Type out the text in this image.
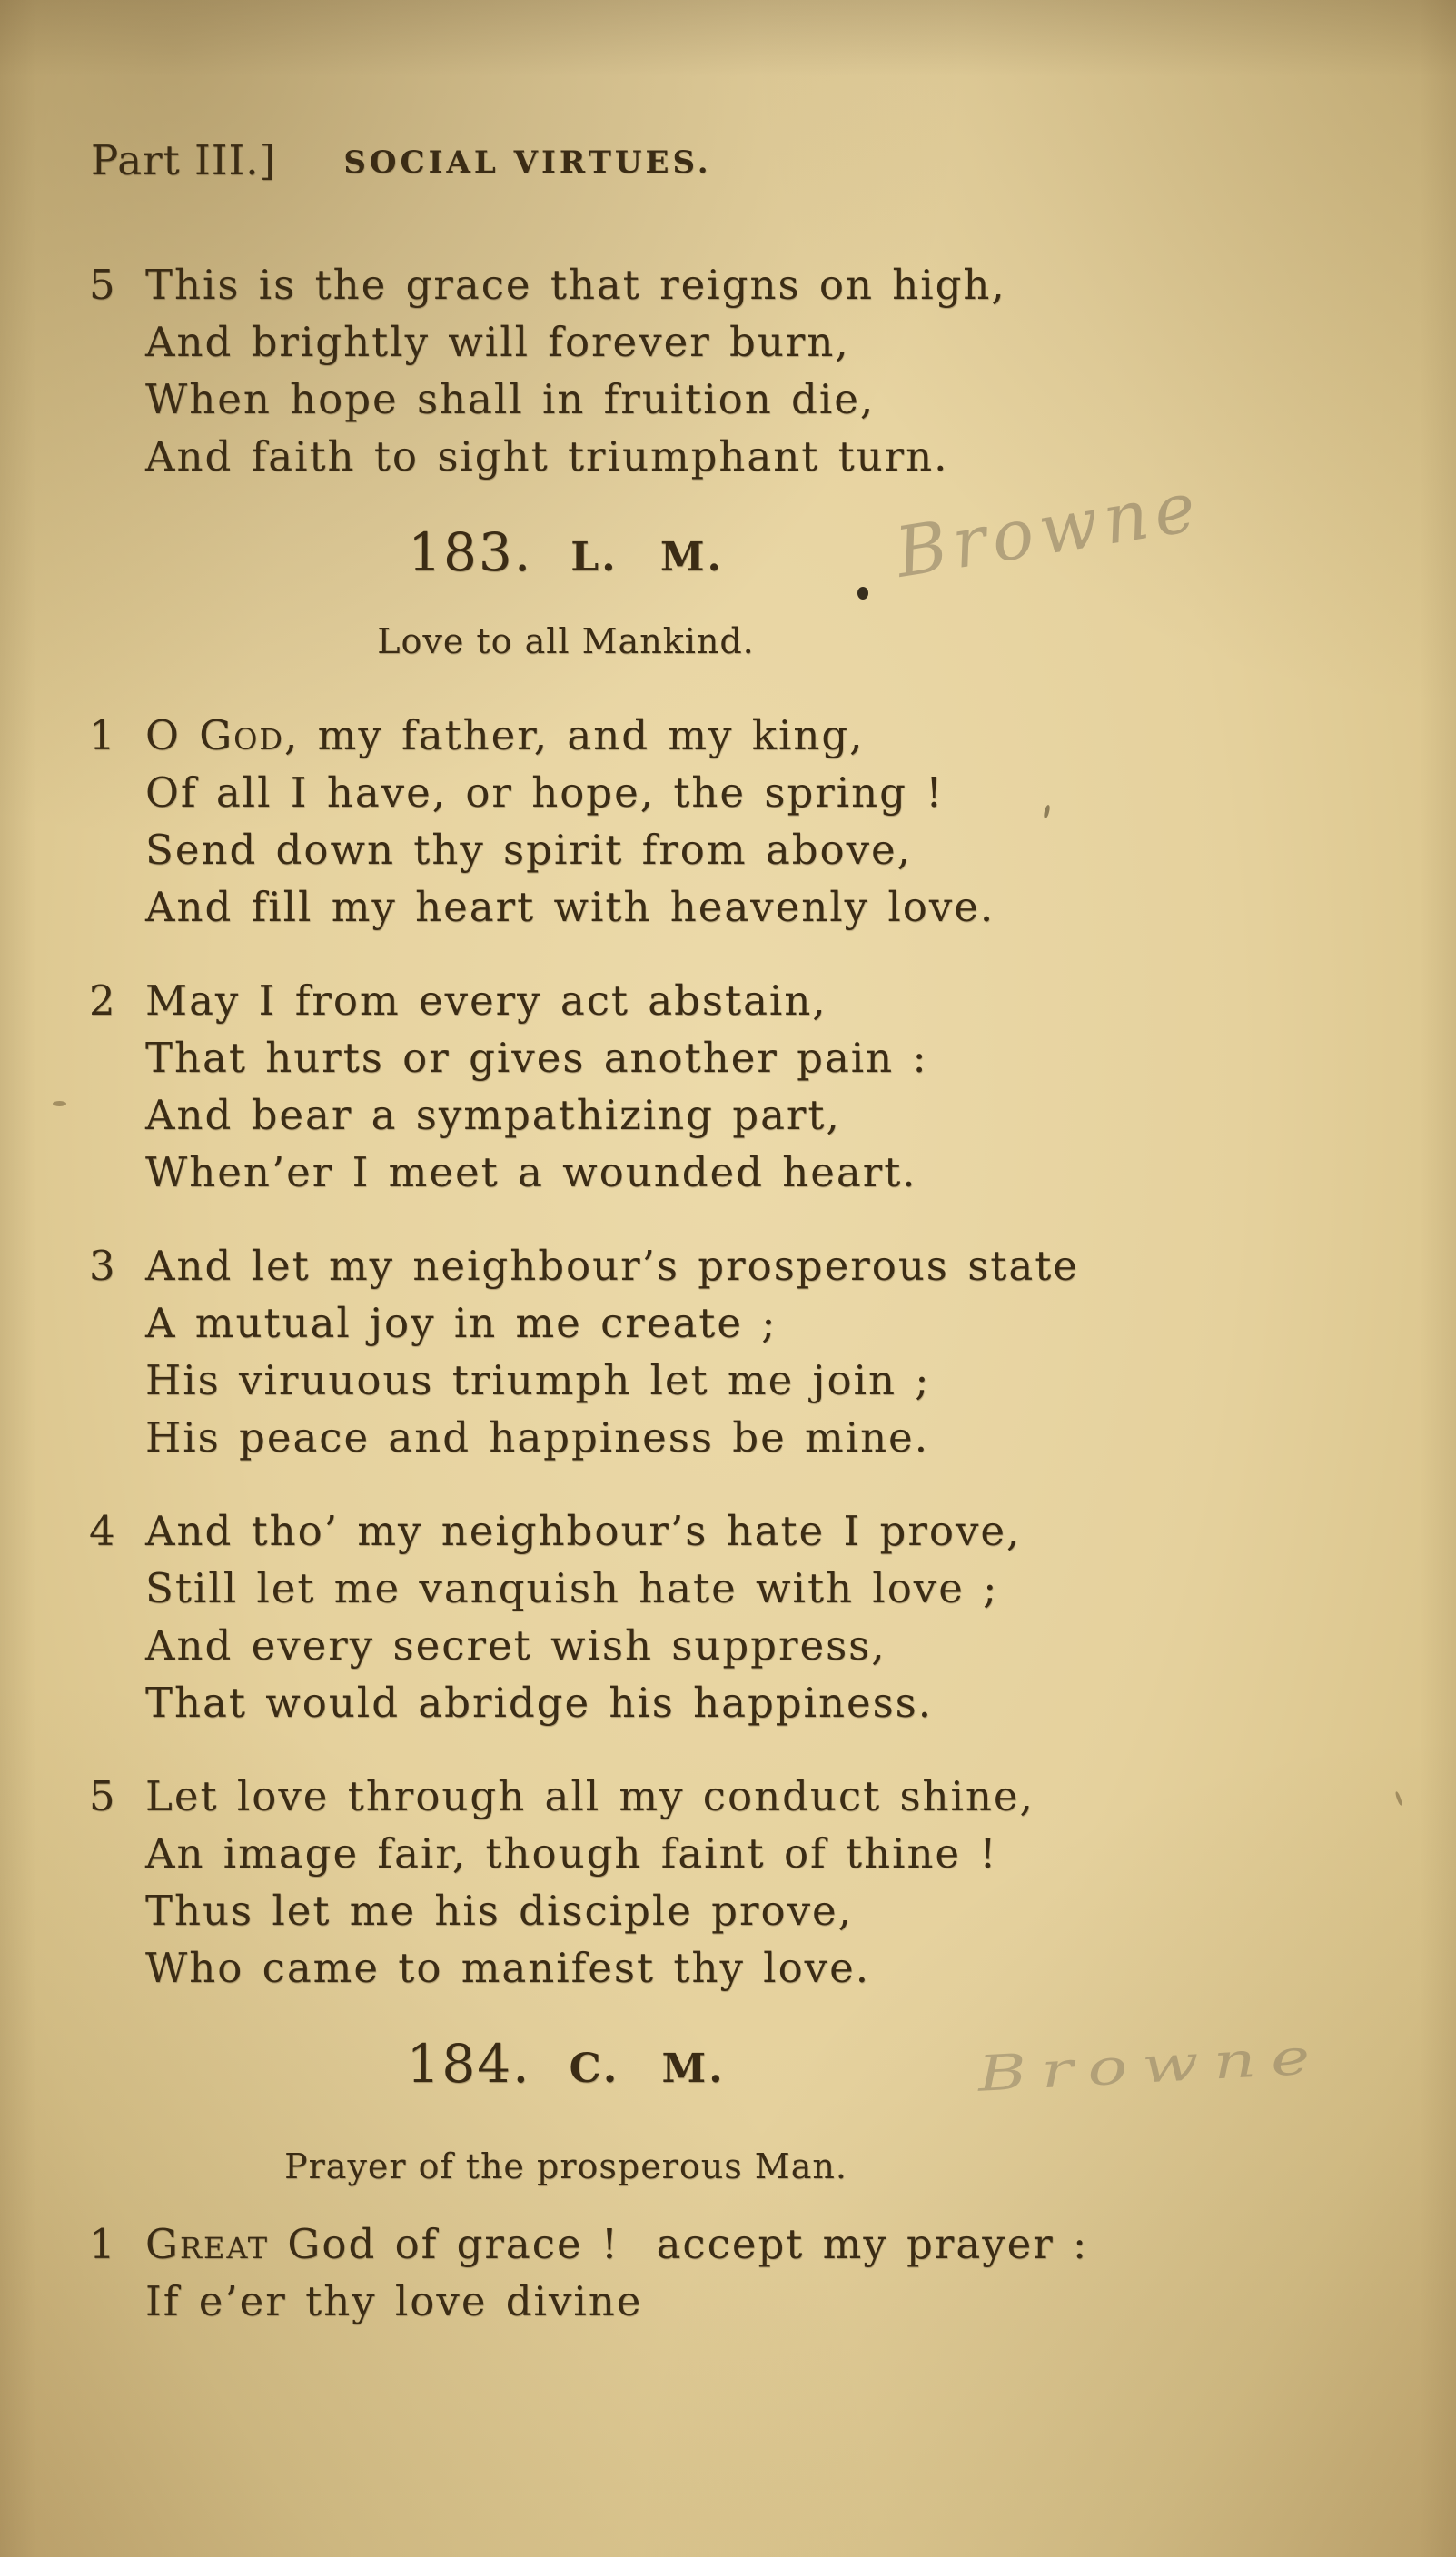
Part III.] SOCIAL VIRTUES.
5 This is the grace that reigns on high,
And brightly will forever burn,
When hope shall in fruition die,
And faith to sight triumphant turn.
183. L. M.
Love to all Mankind.
1 O God, my father, and my king,
Of all I have, or hope, the spring !
Send down thy spirit from above,
And fill my heart with heavenly love.
2 May I from every act abstain,
That hurts or gives another pain :
And bear a sympathizing part,
When’er I meet a wounded heart.
3 And let my neighbour’s prosperous state
A mutual joy in me create ;
His viruuous triumph let me join ;
His peace and happiness be mine.
4 And tho’ my neighbour’s hate I prove,
Still let me vanquish hate with love ;
And every secret wish suppress,
That would abridge his happiness.
5 Let love through all my conduct shine,
An image fair, though faint of thine !
Thus let me his disciple prove,
Who came to manifest thy love.
184. C. M.
Prayer of the prosperous Man.
1 Great God of grace !  accept my prayer :
If e’er thy love divine
Browne
Browne
